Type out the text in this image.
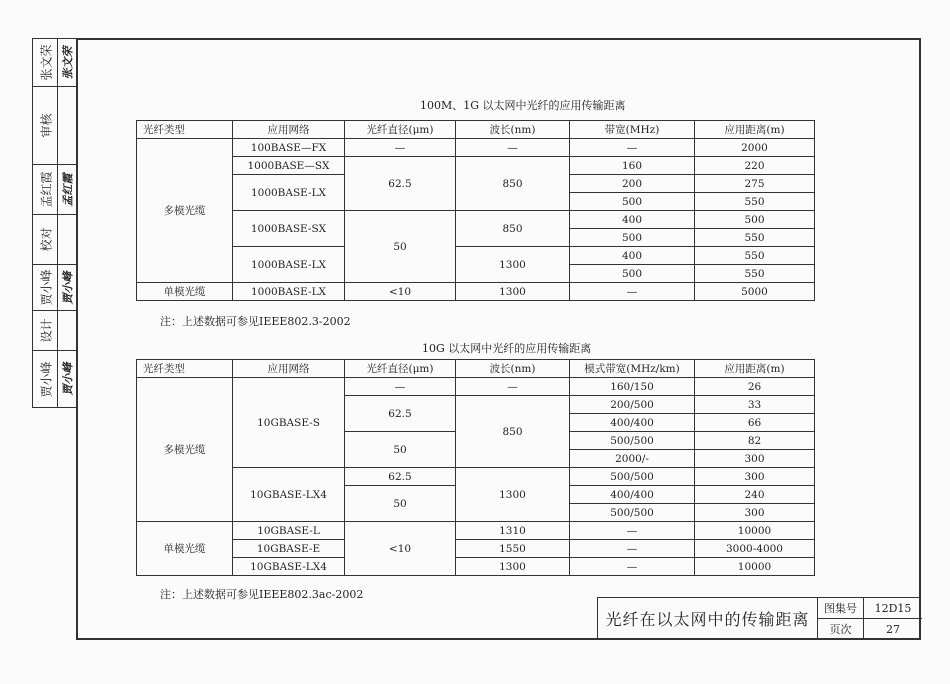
张文荣 张文荣
审核
孟红霞 孟红霞
校对
贾小峰 贾小峰
设计
贾小峰 贾小峰
100M、1G 以太网中光纤的应用传输距离
光纤类型	应用网络	光纤直径(μm)	波长(nm)	带宽(MHz)	应用距离(m)
多模光缆	100BASE—FX	—	—	—	2000
	1000BASE—SX	62.5	850	160	220
	1000BASE-LX			200	275
				500	550
	1000BASE-SX	50	850	400	500
				500	550
	1000BASE-LX		1300	400	550
				500	550
单模光缆	1000BASE-LX	<10	1300	—	5000
注：上述数据可参见IEEE802.3-2002
10G 以太网中光纤的应用传输距离
光纤类型	应用网络	光纤直径(μm)	波长(nm)	模式带宽(MHz/km)	应用距离(m)
多模光缆	10GBASE-S	—	—	160/150	26
		62.5	850	200/500	33
				400/400	66
		50		500/500	82
				2000/-	300
	10GBASE-LX4	62.5	1300	500/500	300
		50		400/400	240
				500/500	300
单模光缆	10GBASE-L	<10	1310	—	10000
	10GBASE-E		1550	—	3000-4000
	10GBASE-LX4		1300	—	10000
注：上述数据可参见IEEE802.3ac-2002
光纤在以太网中的传输距离
图集号	12D15
页次	27
